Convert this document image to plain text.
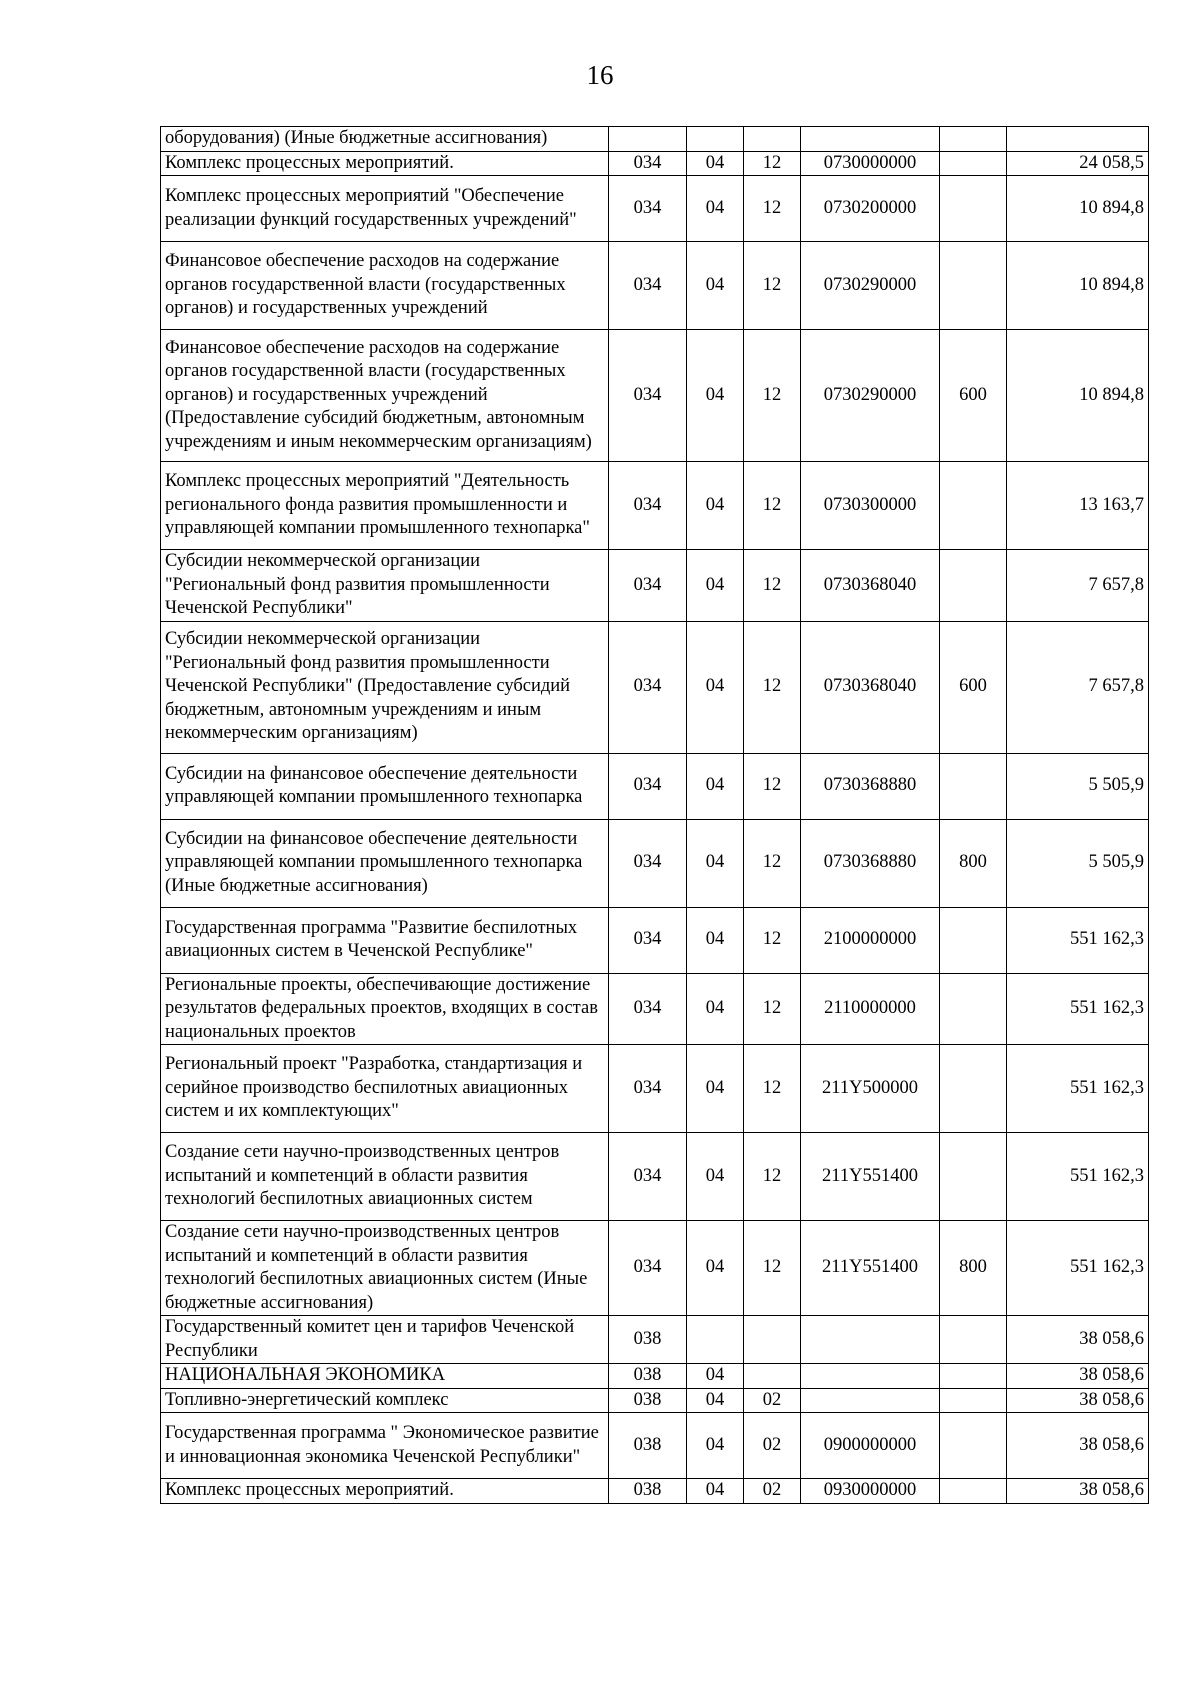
16
оборудования) (Иные бюджетные ассигнования)						
Комплекс процессных мероприятий.	034	04	12	0730000000		24 058,5
Комплекс процессных мероприятий "Обеспечение реализации функций государственных учреждений"	034	04	12	0730200000		10 894,8
Финансовое обеспечение расходов на содержание органов государственной власти (государственных органов) и государственных учреждений	034	04	12	0730290000		10 894,8
Финансовое обеспечение расходов на содержание органов государственной власти (государственных органов) и государственных учреждений (Предоставление субсидий бюджетным, автономным учреждениям и иным некоммерческим организациям)	034	04	12	0730290000	600	10 894,8
Комплекс процессных мероприятий "Деятельность регионального фонда развития промышленности и управляющей компании промышленного технопарка"	034	04	12	0730300000		13 163,7
Субсидии некоммерческой организации "Региональный фонд развития промышленности Чеченской Республики"	034	04	12	0730368040		7 657,8
Субсидии некоммерческой организации "Региональный фонд развития промышленности Чеченской Республики" (Предоставление субсидий бюджетным, автономным учреждениям и иным некоммерческим организациям)	034	04	12	0730368040	600	7 657,8
Субсидии на финансовое обеспечение деятельности управляющей компании промышленного технопарка	034	04	12	0730368880		5 505,9
Субсидии на финансовое обеспечение деятельности управляющей компании промышленного технопарка (Иные бюджетные ассигнования)	034	04	12	0730368880	800	5 505,9
Государственная программа "Развитие беспилотных авиационных систем в Чеченской Республике"	034	04	12	2100000000		551 162,3
Региональные проекты, обеспечивающие достижение результатов федеральных проектов, входящих в состав национальных проектов	034	04	12	2110000000		551 162,3
Региональный проект "Разработка, стандартизация и серийное производство беспилотных авиационных систем и их комплектующих"	034	04	12	211Y500000		551 162,3
Создание сети научно-производственных центров испытаний и компетенций в области развития технологий беспилотных авиационных систем	034	04	12	211Y551400		551 162,3
Создание сети научно-производственных центров испытаний и компетенций в области развития технологий беспилотных авиационных систем (Иные бюджетные ассигнования)	034	04	12	211Y551400	800	551 162,3
Государственный комитет цен и тарифов Чеченской Республики	038					38 058,6
НАЦИОНАЛЬНАЯ ЭКОНОМИКА	038	04				38 058,6
Топливно-энергетический комплекс	038	04	02			38 058,6
Государственная программа " Экономическое развитие и инновационная экономика Чеченской Республики"	038	04	02	0900000000		38 058,6
Комплекс процессных мероприятий.	038	04	02	0930000000		38 058,6
